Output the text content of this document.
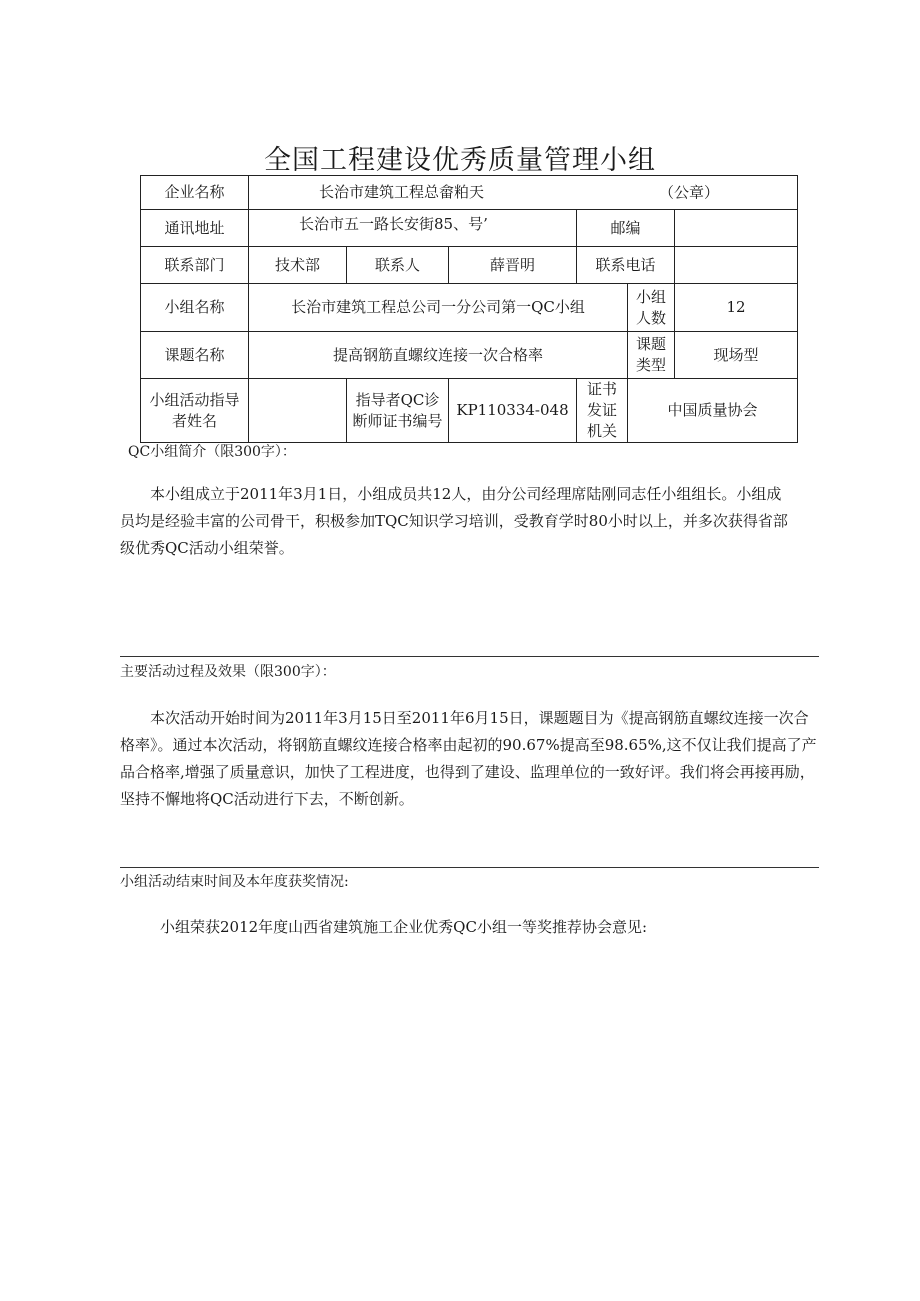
全国工程建设优秀质量管理小组
企业名称	长治市建筑工程总畲粕天 （公章）					

通讯地址	长治市五一路长安街85、号’			邮编		
联系部门	技术部	联系人	薛晋明	联系电话		
小组名称	长治市建筑工程总公司一分公司第一QC小组				小组人数	12
课题名称	提高钢筋直螺纹连接一次合格率				课题类型	现场型
小组活动指导者姓名		指导者QC诊断师证书编号	KP110334-048	证书发证机关	中国质量协会	

QC小组简介（限300字）：

本小组成立于2011年3月1日，小组成员共12人，由分公司经理席陆刚同志任小组组长。小组成员均是经验丰富的公司骨干，积极参加TQC知识学习培训，受教育学时80小时以上，并多次获得省部级优秀QC活动小组荣誉。

主要活动过程及效果（限300字）：

本次活动开始时间为2011年3月15日至2011年6月15日，课题题目为《提高钢筋直螺纹连接一次合格率》。通过本次活动，将钢筋直螺纹连接合格率由起初的90.67%提高至98.65%,这不仅让我们提高了产品合格率,增强了质量意识，加快了工程进度，也得到了建设、监理单位的一致好评。我们将会再接再励，坚持不懈地将QC活动进行下去，不断创新。

小组活动结束时间及本年度获奖情况:

小组荣获2012年度山西省建筑施工企业优秀QC小组一等奖推荐协会意见:
